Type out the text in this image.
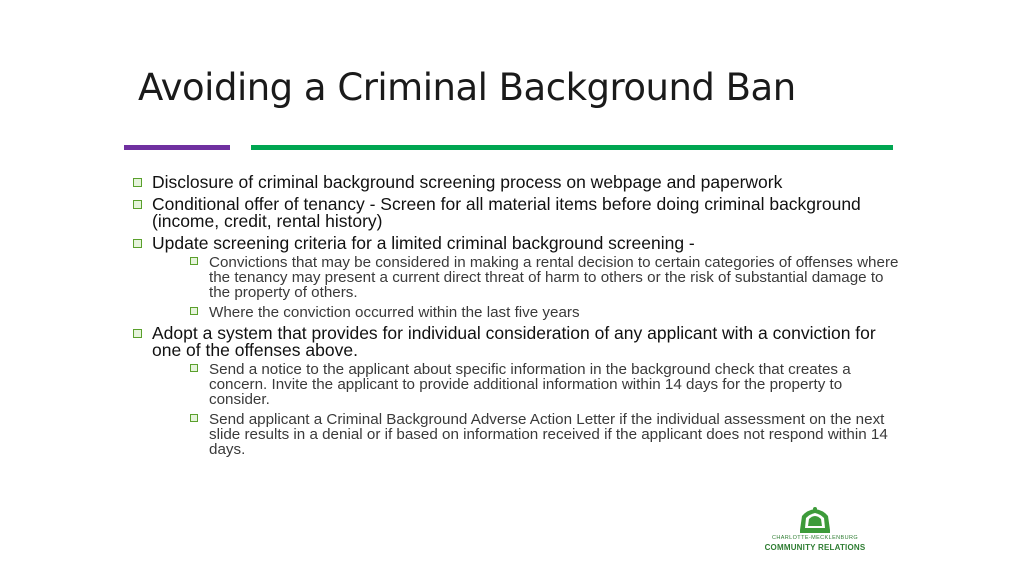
Avoiding a Criminal Background Ban
Disclosure of criminal background screening process on webpage and paperwork
Conditional offer of tenancy - Screen for all material items before doing criminal background (income, credit, rental history)
Update screening criteria for a limited criminal background screening -
Convictions that may be considered in making a rental decision to certain categories of offenses where the tenancy may present a current direct threat of harm to others or the risk of substantial damage to the property of others.
Where the conviction occurred within the last five years
Adopt a system that provides for individual consideration of any applicant with a conviction for one of the offenses above.
Send a notice to the applicant about specific information in the background check that creates a concern. Invite the applicant to provide additional information within 14 days for the property to consider.
Send applicant a Criminal Background Adverse Action Letter if the individual assessment on the next slide results in a denial or if based on information received if the applicant does not respond within 14 days.
CHARLOTTE-MECKLENBURG
COMMUNITY RELATIONS
